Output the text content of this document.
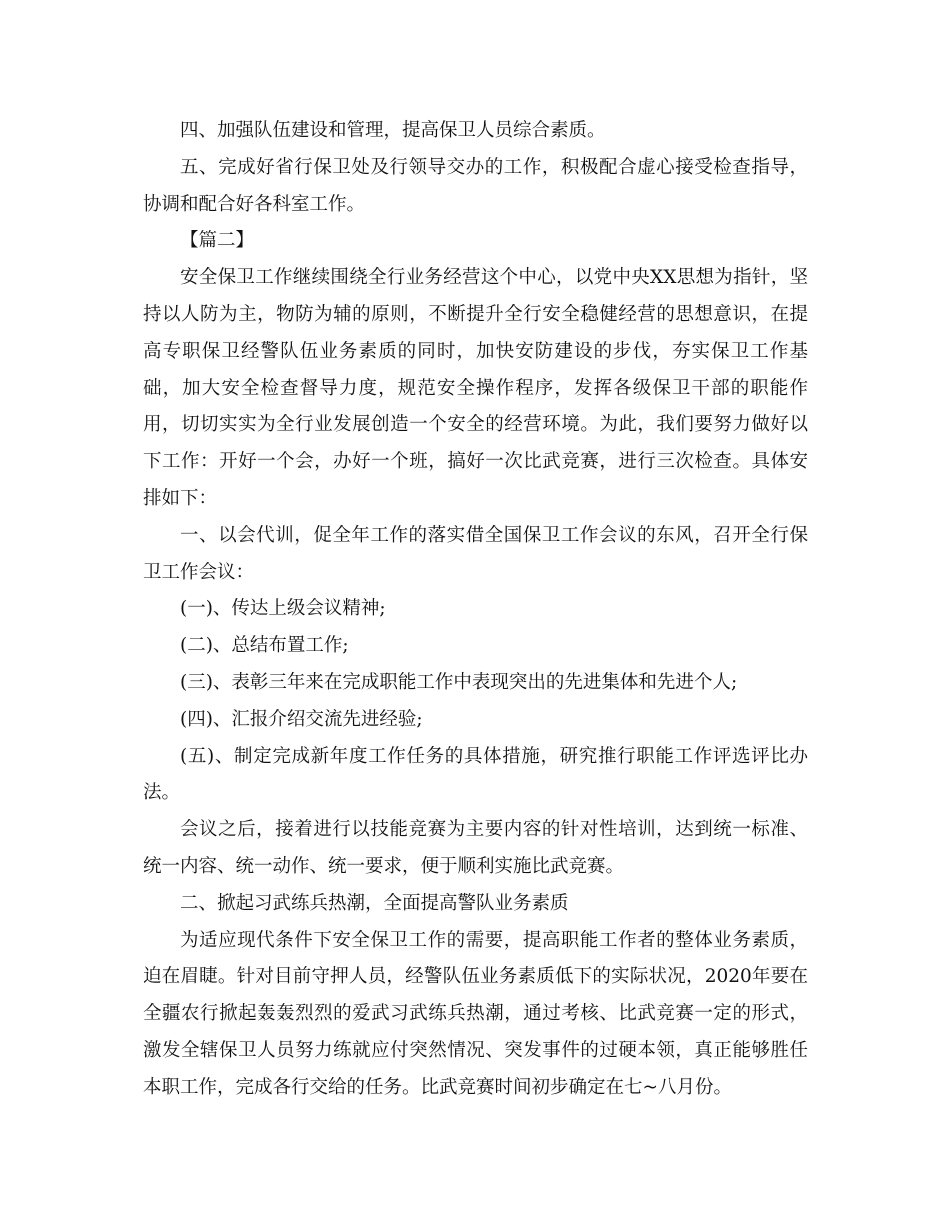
四、加强队伍建设和管理，提高保卫人员综合素质。

五、完成好省行保卫处及行领导交办的工作，积极配合虚心接受检查指导，协调和配合好各科室工作。

【篇二】

安全保卫工作继续围绕全行业务经营这个中心，以党中央XX思想为指针，坚持以人防为主，物防为辅的原则，不断提升全行安全稳健经营的思想意识，在提高专职保卫经警队伍业务素质的同时，加快安防建设的步伐，夯实保卫工作基础，加大安全检查督导力度，规范安全操作程序，发挥各级保卫干部的职能作用，切切实实为全行业发展创造一个安全的经营环境。为此，我们要努力做好以下工作：开好一个会，办好一个班，搞好一次比武竞赛，进行三次检查。具体安排如下：

一、以会代训，促全年工作的落实借全国保卫工作会议的东风，召开全行保卫工作会议：

(一)、传达上级会议精神;

(二)、总结布置工作;

(三)、表彰三年来在完成职能工作中表现突出的先进集体和先进个人;

(四)、汇报介绍交流先进经验;

(五)、制定完成新年度工作任务的具体措施，研究推行职能工作评选评比办法。

会议之后，接着进行以技能竞赛为主要内容的针对性培训，达到统一标准、统一内容、统一动作、统一要求，便于顺利实施比武竞赛。

二、掀起习武练兵热潮，全面提高警队业务素质

为适应现代条件下安全保卫工作的需要，提高职能工作者的整体业务素质，迫在眉睫。针对目前守押人员，经警队伍业务素质低下的实际状况，2020年要在全疆农行掀起轰轰烈烈的爱武习武练兵热潮，通过考核、比武竞赛一定的形式，激发全辖保卫人员努力练就应付突然情况、突发事件的过硬本领，真正能够胜任本职工作，完成各行交给的任务。比武竞赛时间初步确定在七~八月份。
